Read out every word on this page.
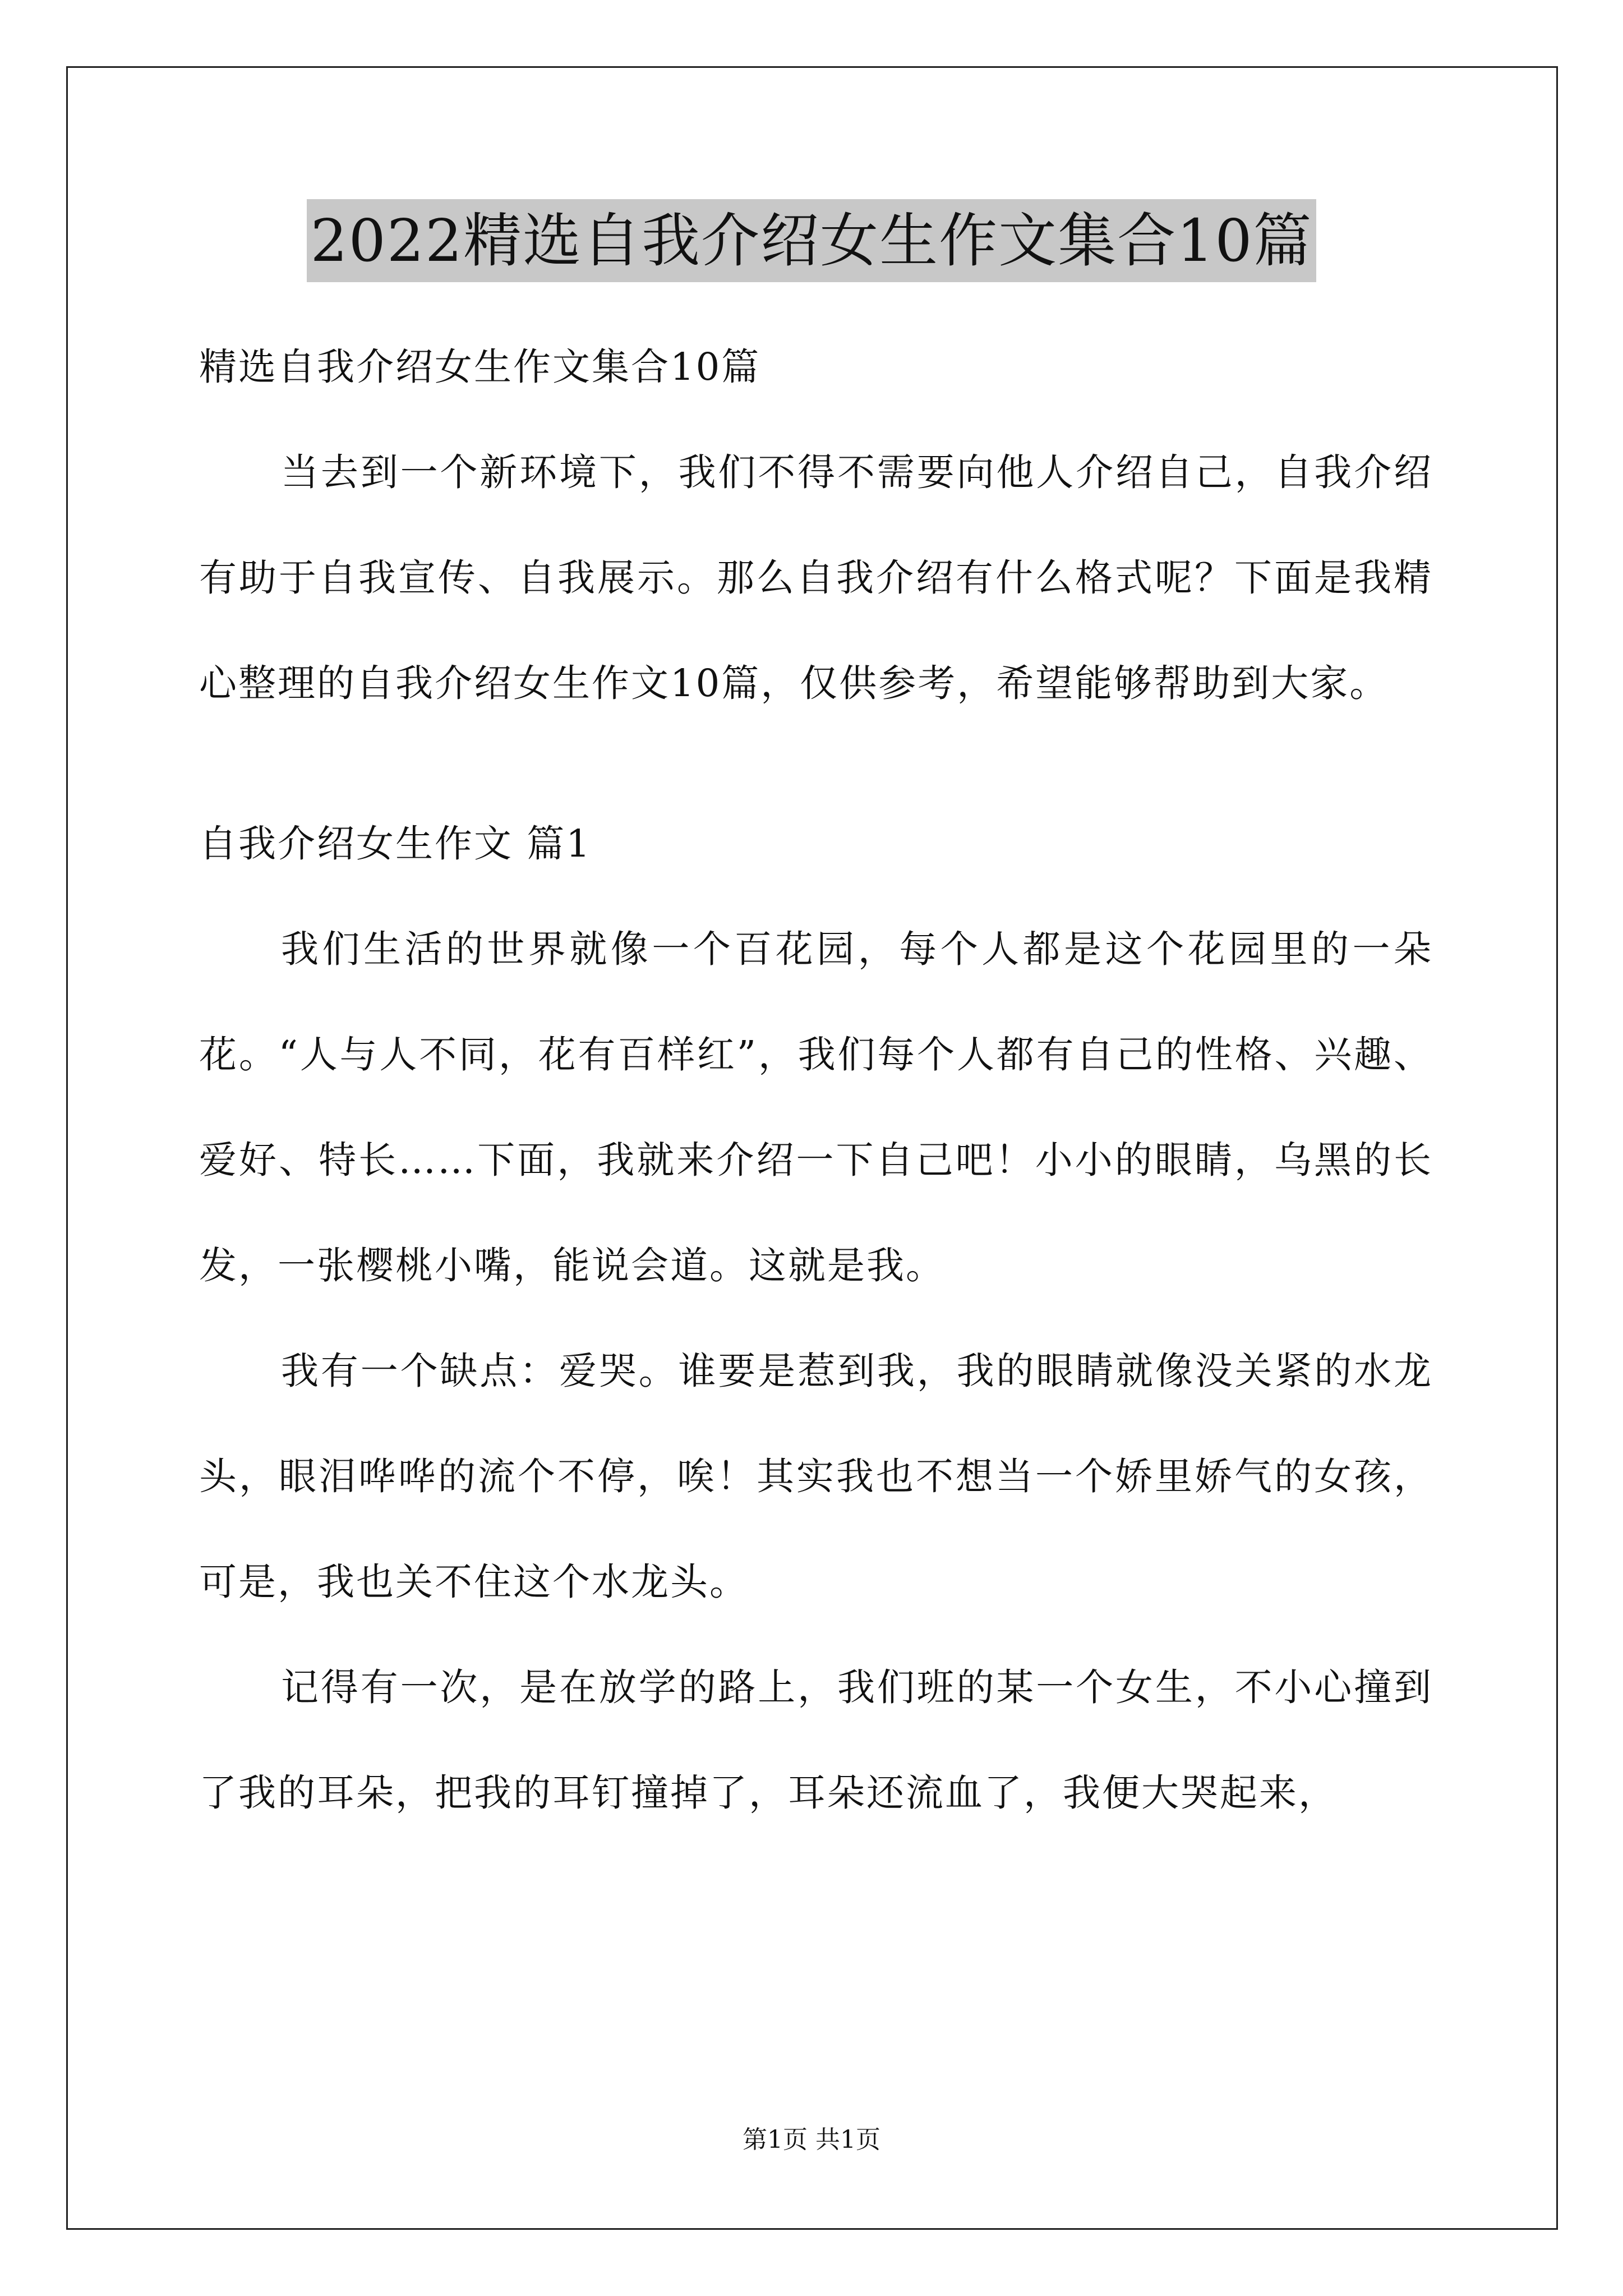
2022精选自我介绍女生作文集合10篇

精选自我介绍女生作文集合10篇

当去到一个新环境下，我们不得不需要向他人介绍自己，自我介绍有助于自我宣传、自我展示。那么自我介绍有什么格式呢？下面是我精心整理的自我介绍女生作文10篇，仅供参考，希望能够帮助到大家。

自我介绍女生作文 篇1

我们生活的世界就像一个百花园，每个人都是这个花园里的一朵花。“人与人不同，花有百样红”，我们每个人都有自己的性格、兴趣、爱好、特长……下面，我就来介绍一下自己吧！小小的眼睛，乌黑的长发，一张樱桃小嘴，能说会道。这就是我。

我有一个缺点：爱哭。谁要是惹到我，我的眼睛就像没关紧的水龙头，眼泪哗哗的流个不停，唉！其实我也不想当一个娇里娇气的女孩，可是，我也关不住这个水龙头。

记得有一次，是在放学的路上，我们班的某一个女生，不小心撞到了我的耳朵，把我的耳钉撞掉了，耳朵还流血了，我便大哭起来，

第1页 共1页
